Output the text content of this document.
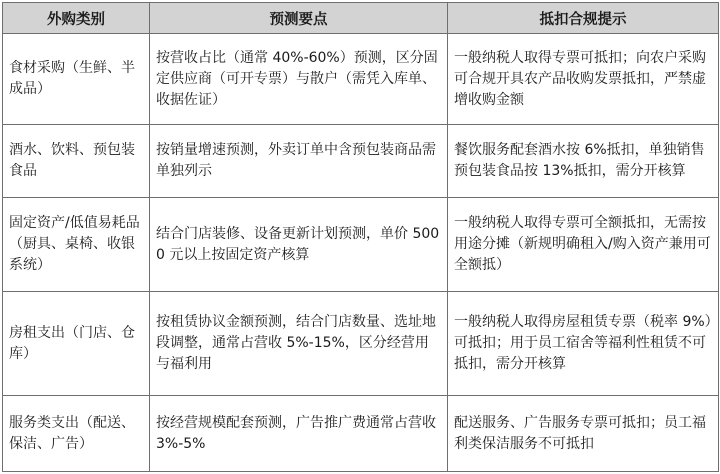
外购类别	预测要点	抵扣合规提示
食材采购（生鲜、半成品）	按营收占比（通常 40%-60%）预测，区分固定供应商（可开专票）与散户（需凭入库单、收据佐证）	一般纳税人取得专票可抵扣；向农户采购可合规开具农产品收购发票抵扣，严禁虚增收购金额
酒水、饮料、预包装食品	按销量增速预测，外卖订单中含预包装商品需单独列示	餐饮服务配套酒水按 6%抵扣，单独销售预包装食品按 13%抵扣，需分开核算
固定资产/低值易耗品（厨具、桌椅、收银系统）	结合门店装修、设备更新计划预测，单价 5000 元以上按固定资产核算	一般纳税人取得专票可全额抵扣，无需按用途分摊（新规明确租入/购入资产兼用可全额抵）
房租支出（门店、仓库）	按租赁协议金额预测，结合门店数量、选址地段调整，通常占营收 5%-15%，区分经营用与福利用	一般纳税人取得房屋租赁专票（税率 9%）可抵扣；用于员工宿舍等福利性租赁不可抵扣，需分开核算
服务类支出（配送、保洁、广告）	按经营规模配套预测，广告推广费通常占营收 3%-5%	配送服务、广告服务专票可抵扣；员工福利类保洁服务不可抵扣
